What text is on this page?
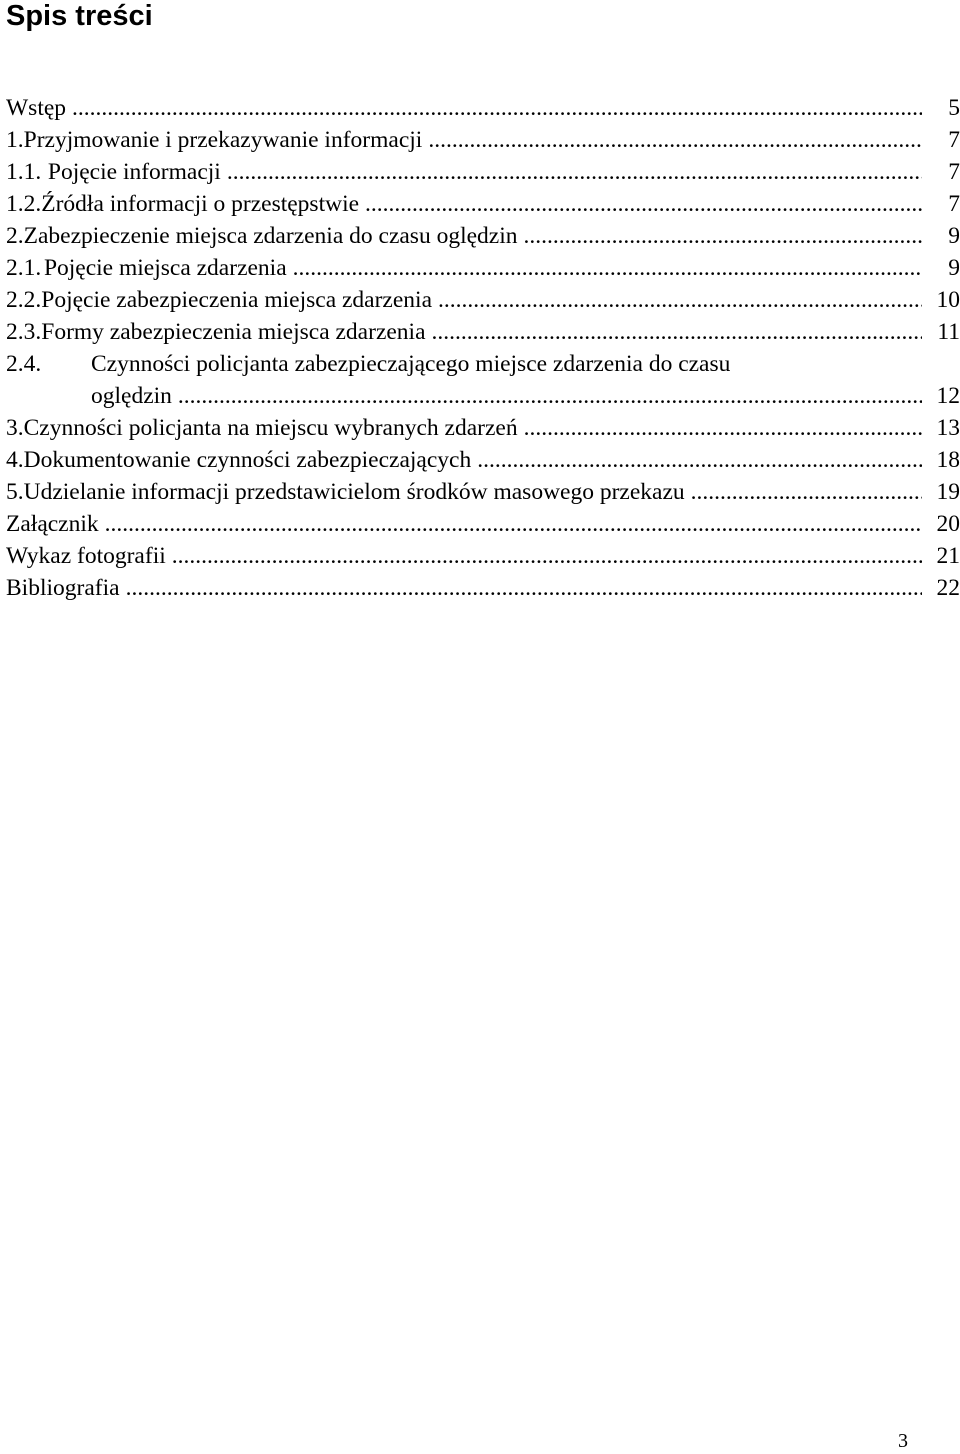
Spis treści
Wstęp .....	5
1. Przyjmowanie i przekazywanie informacji .....	7
1.1. Pojęcie informacji .....	7
1.2. Źródła informacji o przestępstwie .....	7
2. Zabezpieczenie miejsca zdarzenia do czasu oględzin .....	9
2.1. Pojęcie miejsca zdarzenia .....	9
2.2. Pojęcie zabezpieczenia miejsca zdarzenia .....	10
2.3. Formy zabezpieczenia miejsca zdarzenia .....	11
2.4.	Czynności policjanta zabezpieczającego miejsce zdarzenia do czasu
oględzin .....	12
3. Czynności policjanta na miejscu wybranych zdarzeń .....	13
4. Dokumentowanie czynności zabezpieczających .....	18
5. Udzielanie informacji przedstawicielom środków masowego przekazu .....	19
Załącznik .....	20
Wykaz fotografii .....	21
Bibliografia .....	22

3
